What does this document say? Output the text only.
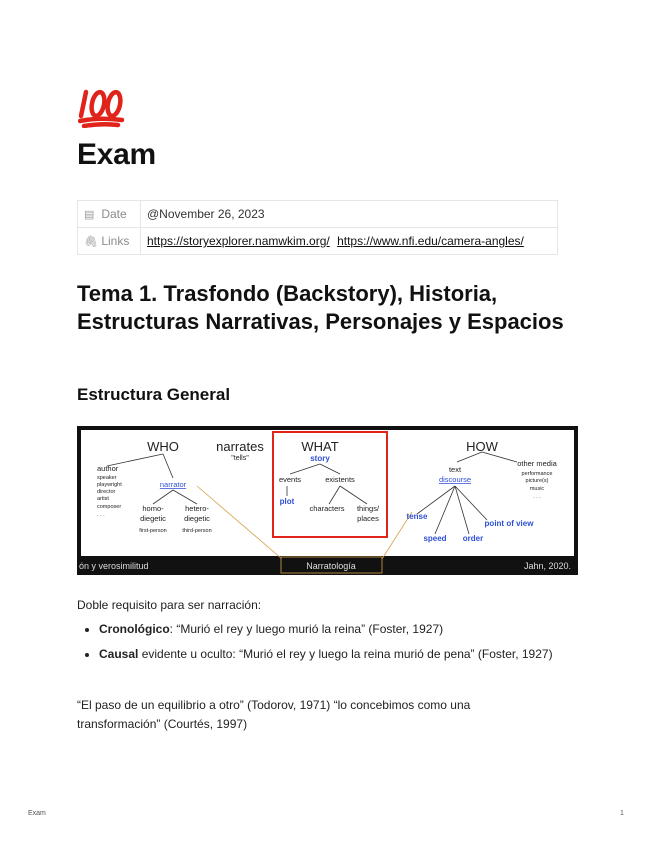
Exam
▤ Date	@November 26, 2023
🖇︎ Links	https://storyexplorer.namwkim.org/ https://www.nfi.edu/camera-angles/
Tema 1. Trasfondo (Backstory), Historia, Estructuras Narrativas, Personajes y Espacios
Estructura General
WHO	narrates
"tells"
WHAT	HOW
author
speaker
playwright
director
artist
composer
. . .
homo-
diegetic
first-person
hetero-
diegetic
third-person
events	existents
characters things/
places
text
other media
performance
picture(s)
music
. . .
story
plot
tense
speed order
point of view
narrator
discourse
ón y verosimilitud	Narratología	Jahn, 2020.

Doble requisito para ser narración:

• Cronológico: “Murió el rey y luego murió la reina” (Foster, 1927)
• Causal evidente u oculto: “Murió el rey y luego la reina murió de pena” (Foster, 1927)

“El paso de un equilibrio a otro” (Todorov, 1971) “lo concebimos como una transformación” (Courtés, 1997)

Exam	1
